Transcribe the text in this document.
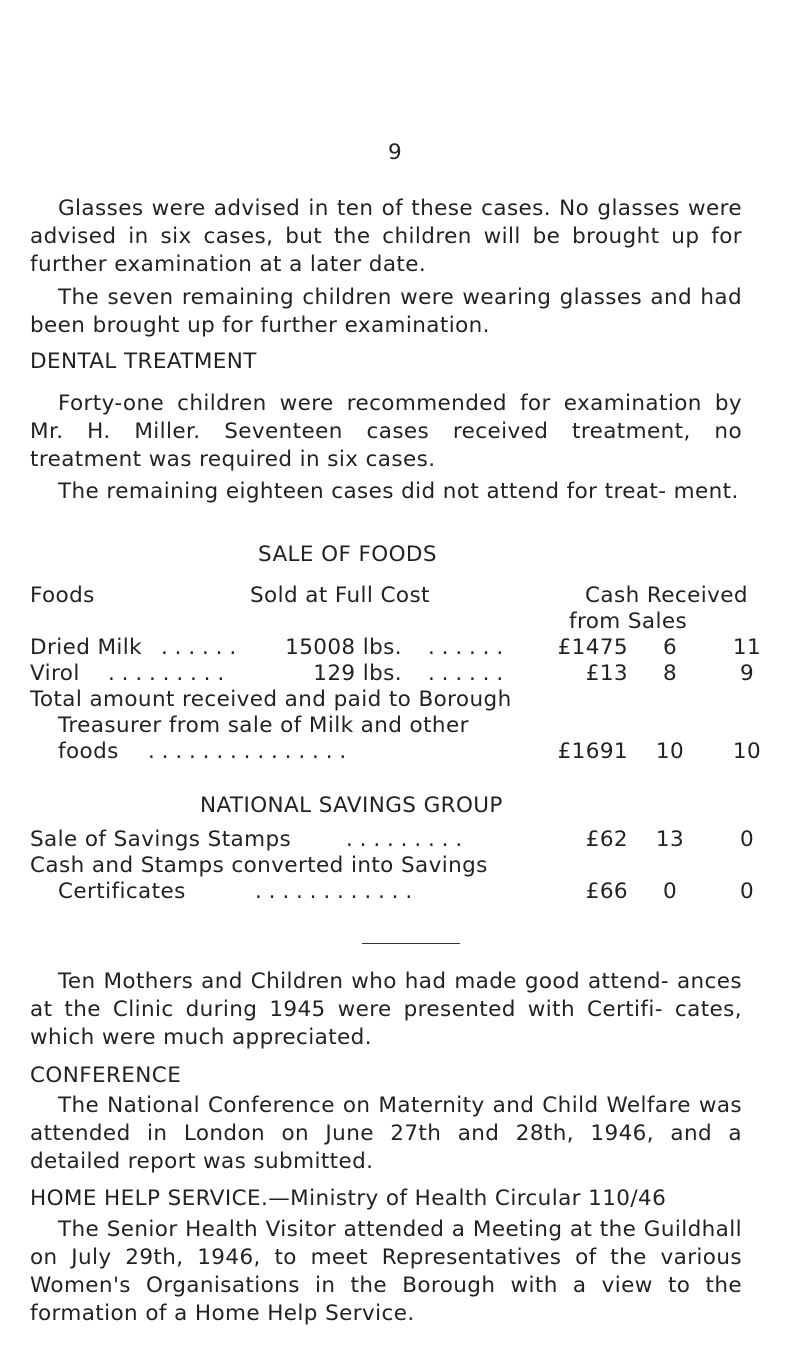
9

Glasses were advised in ten of these cases. No glasses were advised in six cases, but the children will be brought up for further examination at a later date.

The seven remaining children were wearing glasses and had been brought up for further examination.

DENTAL TREATMENT

Forty-one children were recommended for examination by Mr. H. Miller. Seventeen cases received treatment, no treatment was required in six cases.

The remaining eighteen cases did not attend for treat- ment.

SALE OF FOODS
Foods	Sold at Full Cost	Cash Received
from Sales
Dried Milk . . . . . .	15008 lbs. . . . . . .	£1475	6	11
Virol . . . . . . . . .	129 lbs. . . . . . .	£13	8	9
Total amount received and paid to Borough
Treasurer from sale of Milk and other
foods . . . . . . . . . . . . . . .	£1691 10 10
NATIONAL SAVINGS GROUP
Sale of Savings Stamps	. . . . . . . . .	£62 13	0
Cash and Stamps converted into Savings
Certificates	. . . . . . . . . . . .	£66	0	0

Ten Mothers and Children who had made good attend- ances at the Clinic during 1945 were presented with Certifi- cates, which were much appreciated.

CONFERENCE

The National Conference on Maternity and Child Welfare was attended in London on June 27th and 28th, 1946, and a detailed report was submitted.

HOME HELP SERVICE.—Ministry of Health Circular 110/46

The Senior Health Visitor attended a Meeting at the Guildhall on July 29th, 1946, to meet Representatives of the various Women's Organisations in the Borough with a view to the formation of a Home Help Service.
